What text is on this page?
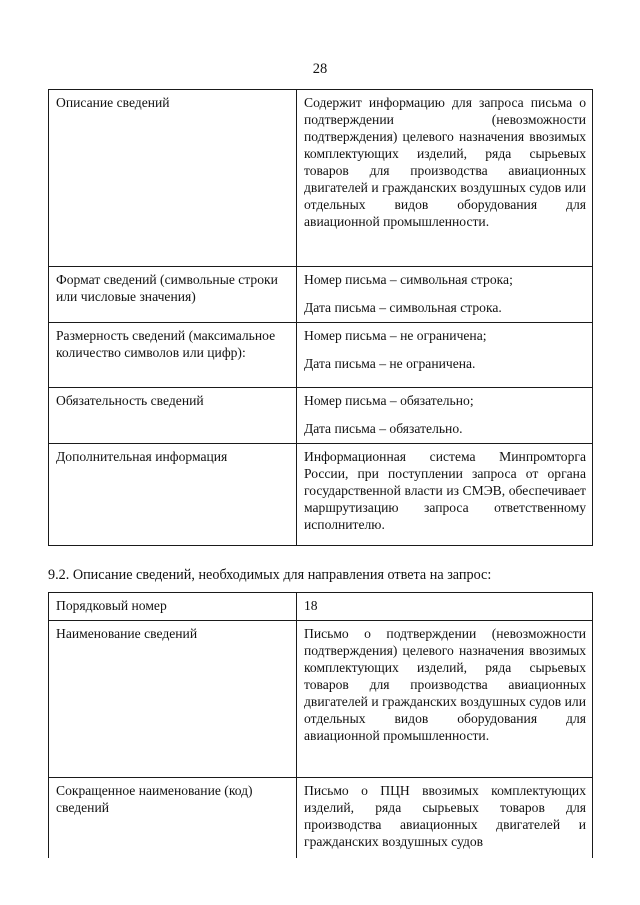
28
Описание сведений	Содержит информацию для запроса письма о подтверждении (невозможности подтверждения) целевого назначения ввозимых комплектующих изделий, ряда сырьевых товаров для производства авиационных двигателей и гражданских воздушных судов или отдельных видов оборудования для авиационной промышленности.

Формат сведений (символьные строки или числовые значения)	Номер письма – символьная строка;

Дата письма – символьная строка.

Размерность сведений (максимальное количество символов или цифр):	Номер письма – не ограничена;

Дата письма – не ограничена.

Обязательность сведений	Номер письма – обязательно;

Дата письма – обязательно.

Дополнительная информация	Информационная система Минпромторга России, при поступлении запроса от органа государственной власти из СМЭВ, обеспечивает маршрутизацию запроса ответственному исполнителю.

9.2. Описание сведений, необходимых для направления ответа на запрос:
Порядковый номер	18

Наименование сведений	Письмо о подтверждении (невозможности подтверждения) целевого назначения ввозимых комплектующих изделий, ряда сырьевых товаров для производства авиационных двигателей и гражданских воздушных судов или отдельных видов оборудования для авиационной промышленности.

Сокращенное наименование (код) сведений	Письмо о ПЦН ввозимых комплектующих изделий, ряда сырьевых товаров для производства авиационных двигателей и гражданских воздушных судов
